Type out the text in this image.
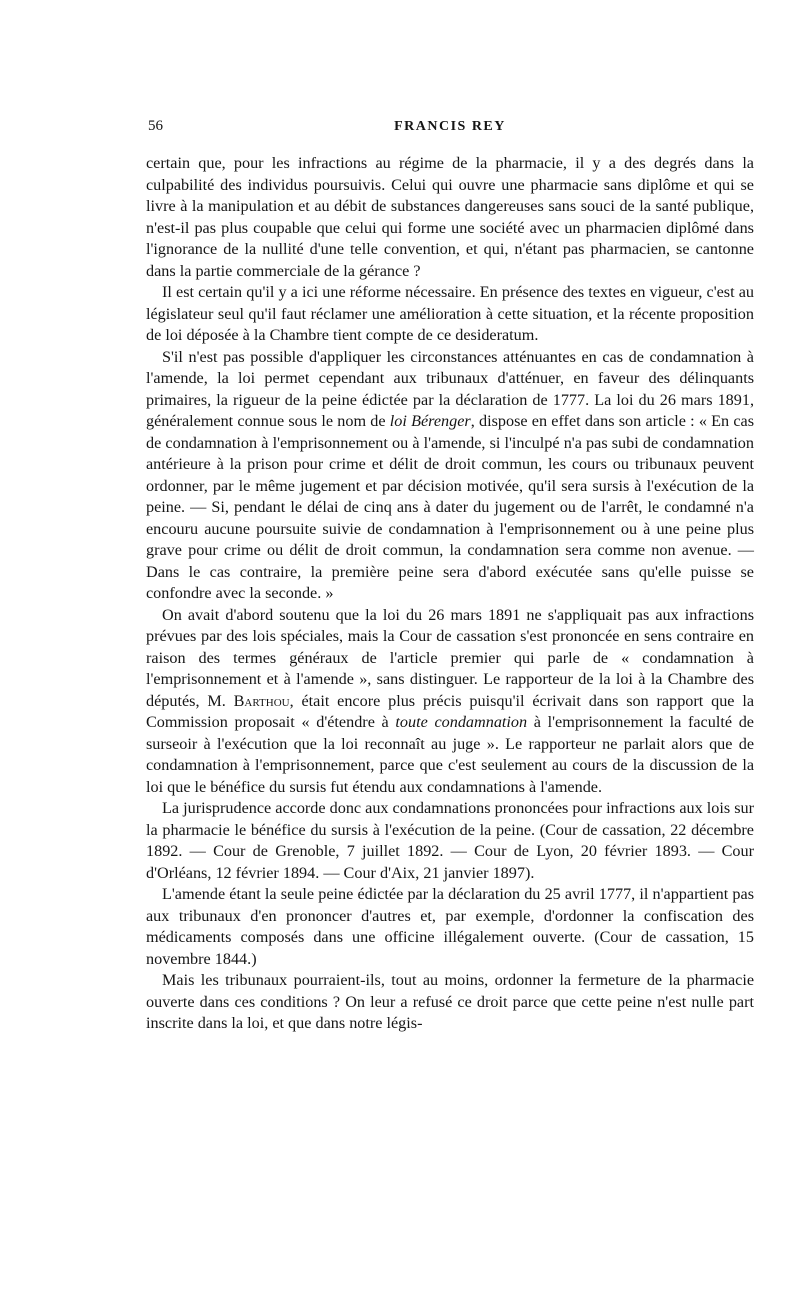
56	FRANCIS REY

certain que, pour les infractions au régime de la pharmacie, il y a des degrés dans la culpabilité des individus poursuivis. Celui qui ouvre une pharmacie sans diplôme et qui se livre à la manipulation et au débit de substances dangereuses sans souci de la santé publique, n'est-il pas plus coupable que celui qui forme une société avec un pharmacien diplômé dans l'ignorance de la nullité d'une telle convention, et qui, n'étant pas pharmacien, se cantonne dans la partie commerciale de la gérance ?

Il est certain qu'il y a ici une réforme nécessaire. En présence des textes en vigueur, c'est au législateur seul qu'il faut réclamer une amélioration à cette situation, et la récente proposition de loi déposée à la Chambre tient compte de ce desideratum.

S'il n'est pas possible d'appliquer les circonstances atténuantes en cas de condamnation à l'amende, la loi permet cependant aux tribunaux d'atténuer, en faveur des délinquants primaires, la rigueur de la peine édictée par la déclaration de 1777. La loi du 26 mars 1891, généralement connue sous le nom de loi Bérenger, dispose en effet dans son article : « En cas de condamnation à l'emprisonnement ou à l'amende, si l'inculpé n'a pas subi de condamnation antérieure à la prison pour crime et délit de droit commun, les cours ou tribunaux peuvent ordonner, par le même jugement et par décision motivée, qu'il sera sursis à l'exécution de la peine. — Si, pendant le délai de cinq ans à dater du jugement ou de l'arrêt, le condamné n'a encouru aucune poursuite suivie de condamnation à l'emprisonnement ou à une peine plus grave pour crime ou délit de droit commun, la condamnation sera comme non avenue. — Dans le cas contraire, la première peine sera d'abord exécutée sans qu'elle puisse se confondre avec la seconde. »

On avait d'abord soutenu que la loi du 26 mars 1891 ne s'appliquait pas aux infractions prévues par des lois spéciales, mais la Cour de cassation s'est prononcée en sens contraire en raison des termes généraux de l'article premier qui parle de « condamnation à l'emprisonnement et à l'amende », sans distinguer. Le rapporteur de la loi à la Chambre des députés, M. Barthou, était encore plus précis puisqu'il écrivait dans son rapport que la Commission proposait « d'étendre à toute condamnation à l'emprisonnement la faculté de surseoir à l'exécution que la loi reconnaît au juge ». Le rapporteur ne parlait alors que de condamnation à l'emprisonnement, parce que c'est seulement au cours de la discussion de la loi que le bénéfice du sursis fut étendu aux condamnations à l'amende.

La jurisprudence accorde donc aux condamnations prononcées pour infractions aux lois sur la pharmacie le bénéfice du sursis à l'exécution de la peine. (Cour de cassation, 22 décembre 1892. — Cour de Grenoble, 7 juillet 1892. — Cour de Lyon, 20 février 1893. — Cour d'Orléans, 12 février 1894. — Cour d'Aix, 21 janvier 1897).

L'amende étant la seule peine édictée par la déclaration du 25 avril 1777, il n'appartient pas aux tribunaux d'en prononcer d'autres et, par exemple, d'ordonner la confiscation des médicaments composés dans une officine illégalement ouverte. (Cour de cassation, 15 novembre 1844.)

Mais les tribunaux pourraient-ils, tout au moins, ordonner la fermeture de la pharmacie ouverte dans ces conditions ? On leur a refusé ce droit parce que cette peine n'est nulle part inscrite dans la loi, et que dans notre légis-
